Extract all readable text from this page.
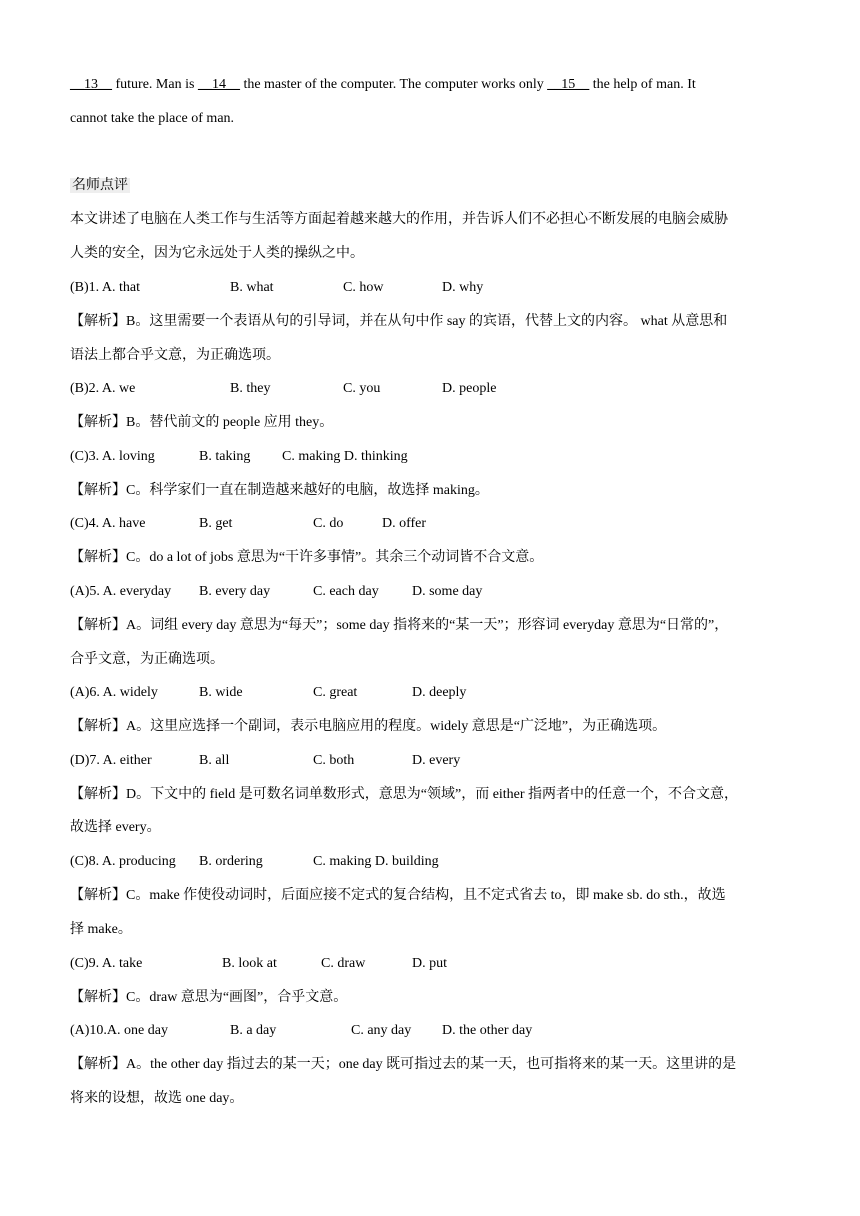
__13__ future. Man is __14__ the master of the computer. The computer works only __15__ the help of man. It
cannot take the place of man.
名师点评
本文讲述了电脑在人类工作与生活等方面起着越来越大的作用，并告诉人们不必担心不断发展的电脑会威胁
人类的安全，因为它永远处于人类的操纵之中。
(B)1. A. that	B. what	C. how	D. why
【解析】B。这里需要一个表语从句的引导词，并在从句中作 say 的宾语，代替上文的内容。 what 从意思和
语法上都合乎文意，为正确选项。
(B)2. A. we	B. they	C. you	D. people
【解析】B。替代前文的 people 应用 they。
(C)3. A. loving	B. taking C. making D. thinking
【解析】C。科学家们一直在制造越来越好的电脑，故选择 making。
(C)4. A. have	B. get	C. do	D. offer
【解析】C。do a lot of jobs 意思为“干许多事情”。其余三个动词皆不合文意。
(A)5. A. everyday B. every day	C. each day D. some day
【解析】A。词组 every day 意思为“每天”；some day 指将来的“某一天”；形容词 everyday 意思为“日常的”，
合乎文意，为正确选项。
(A)6. A. widely	B. wide	C. great	D. deeply
【解析】A。这里应选择一个副词，表示电脑应用的程度。widely 意思是“广泛地”，为正确选项。
(D)7. A. either	B. all	C. both	D. every
【解析】D。下文中的 field 是可数名词单数形式，意思为“领域”，而 either 指两者中的任意一个，不合文意，
故选择 every。
(C)8. A. producing B. ordering	C. making D. building
【解析】C。make 作使役动词时，后面应接不定式的复合结构，且不定式省去 to，即 make sb. do sth.，故选
择 make。
(C)9. A. take	B. look at	C. draw	D. put
【解析】C。draw 意思为“画图”，合乎文意。
(A)10.A. one day	B. a day	C. any day D. the other day
【解析】A。the other day 指过去的某一天；one day 既可指过去的某一天，也可指将来的某一天。这里讲的是
将来的设想，故选 one day。
